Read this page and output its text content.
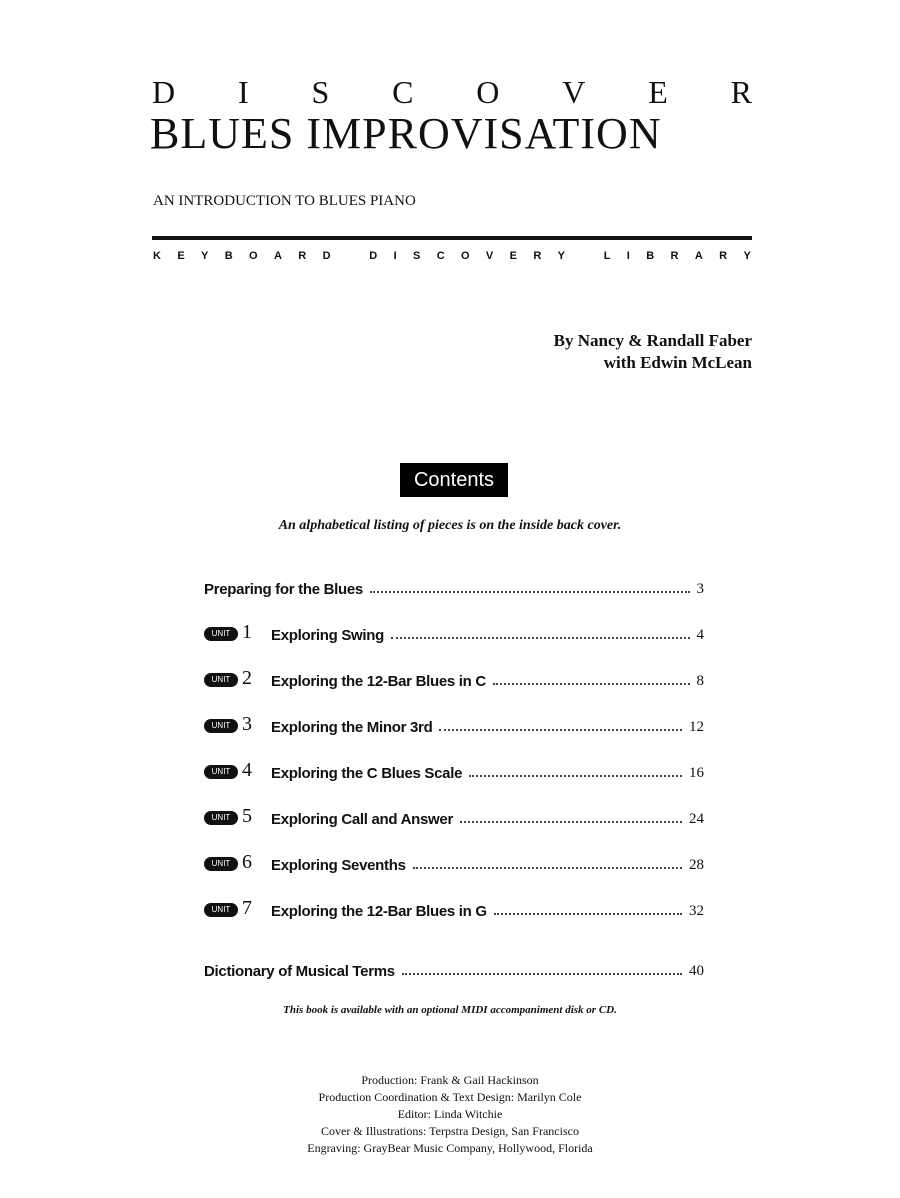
D I S C O V E R
BLUES IMPROVISATION
AN INTRODUCTION TO BLUES PIANO
K E Y B O A R D	D I S C O V E R Y	L I B R A R Y
By Nancy & Randall Faber
with Edwin McLean
Contents
An alphabetical listing of pieces is on the inside back cover.
Preparing for the Blues	3
UNIT 1	Exploring Swing	4
UNIT 2	Exploring the 12-Bar Blues in C	8
UNIT 3	Exploring the Minor 3rd	12
UNIT 4	Exploring the C Blues Scale	16
UNIT 5	Exploring Call and Answer	24
UNIT 6	Exploring Sevenths	28
UNIT 7	Exploring the 12-Bar Blues in G	32
Dictionary of Musical Terms	40
This book is available with an optional MIDI accompaniment disk or CD.
Production: Frank & Gail Hackinson
Production Coordination & Text Design: Marilyn Cole
Editor: Linda Witchie
Cover & Illustrations: Terpstra Design, San Francisco
Engraving: GrayBear Music Company, Hollywood, Florida
